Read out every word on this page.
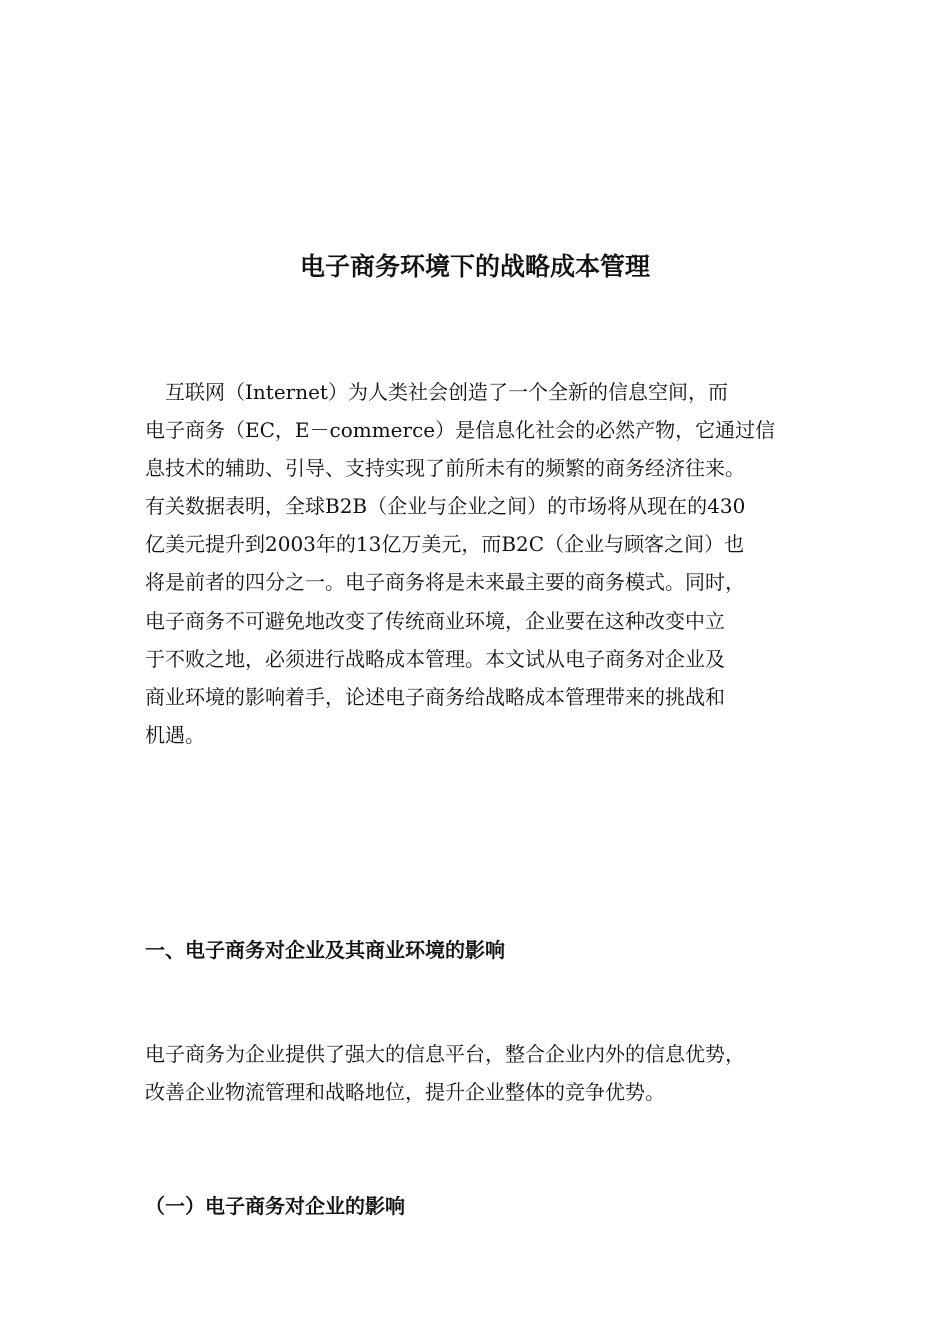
电子商务环境下的战略成本管理
互联网（Internet）为人类社会创造了一个全新的信息空间，而
电子商务（EC，E－commerce）是信息化社会的必然产物，它通过信
息技术的辅助、引导、支持实现了前所未有的频繁的商务经济往来。
有关数据表明，全球B2B（企业与企业之间）的市场将从现在的430
亿美元提升到2003年的13亿万美元，而B2C（企业与顾客之间）也
将是前者的四分之一。电子商务将是未来最主要的商务模式。同时，
电子商务不可避免地改变了传统商业环境，企业要在这种改变中立
于不败之地，必须进行战略成本管理。本文试从电子商务对企业及
商业环境的影响着手，论述电子商务给战略成本管理带来的挑战和
机遇。
一、电子商务对企业及其商业环境的影响
电子商务为企业提供了强大的信息平台，整合企业内外的信息优势，
改善企业物流管理和战略地位，提升企业整体的竞争优势。
（一）电子商务对企业的影响
